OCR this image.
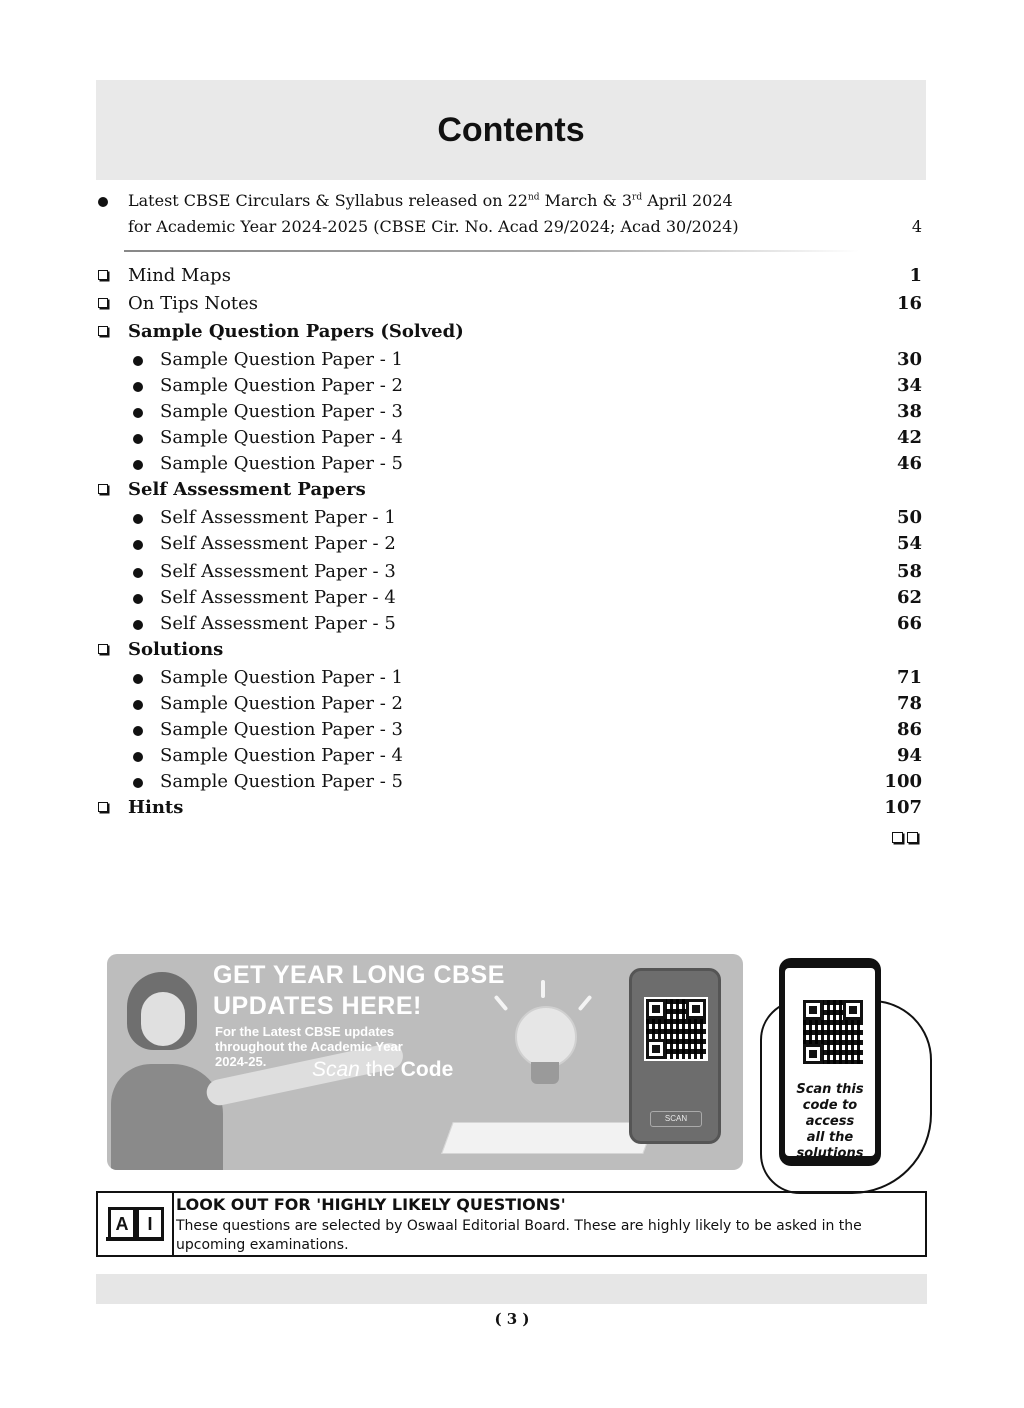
Contents
Latest CBSE Circulars & Syllabus released on 22nd March & 3rd April 2024
for Academic Year 2024-2025 (CBSE Cir. No. Acad 29/2024; Acad 30/2024)	4
Mind Maps	1
On Tips Notes	16
Sample Question Papers (Solved)
Sample Question Paper - 1	30
Sample Question Paper - 2	34
Sample Question Paper - 3	38
Sample Question Paper - 4	42
Sample Question Paper - 5	46
Self Assessment Papers
Self Assessment Paper - 1	50
Self Assessment Paper - 2	54
Self Assessment Paper - 3	58
Self Assessment Paper - 4	62
Self Assessment Paper - 5	66
Solutions
Sample Question Paper - 1	71
Sample Question Paper - 2	78
Sample Question Paper - 3	86
Sample Question Paper - 4	94
Sample Question Paper - 5	100
Hints	107
GET YEAR LONG CBSE
UPDATES HERE!
For the Latest CBSE updates
throughout the Academic Year
2024-25.	Scan the Code
SCAN
Scan this
code to
access
all the
solutions
A	I
LOOK OUT FOR 'HIGHLY LIKELY QUESTIONS'
These questions are selected by Oswaal Editorial Board. These are highly likely to be asked in the upcoming examinations.
( 3 )
